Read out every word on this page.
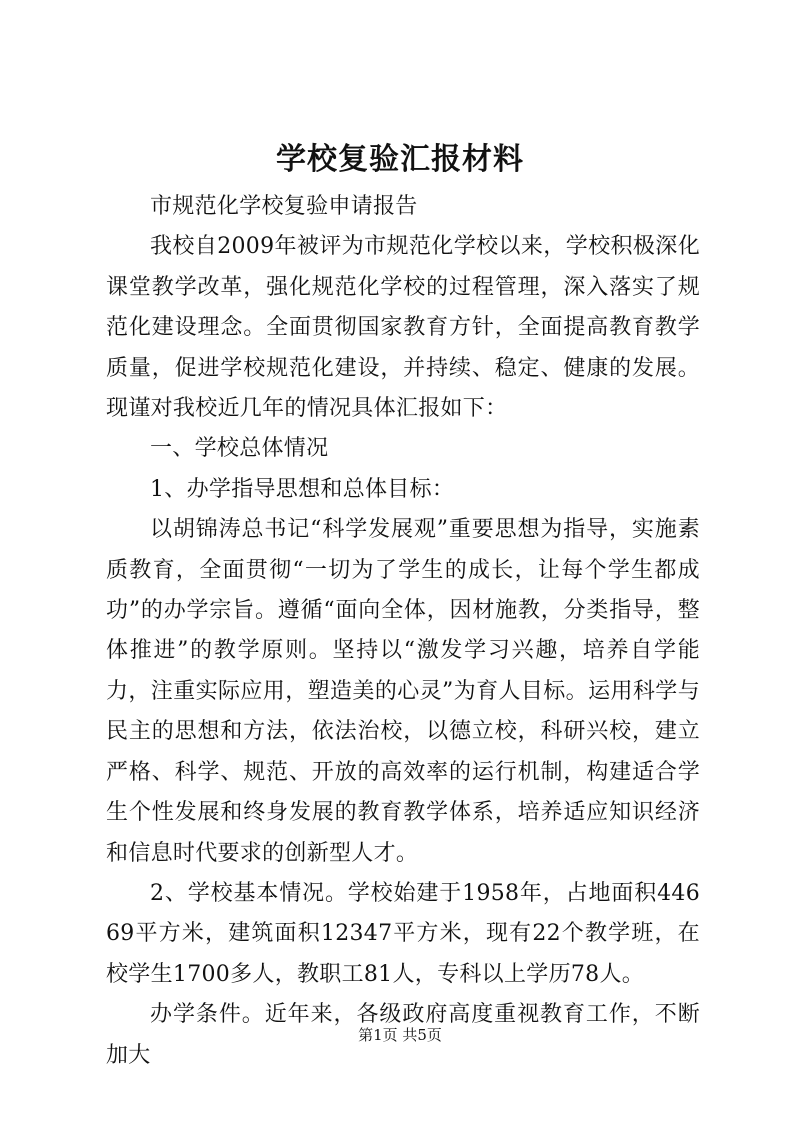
学校复验汇报材料

市规范化学校复验申请报告

我校自2009年被评为市规范化学校以来，学校积极深化课堂教学改革，强化规范化学校的过程管理，深入落实了规范化建设理念。全面贯彻国家教育方针，全面提高教育教学质量，促进学校规范化建设，并持续、稳定、健康的发展。现谨对我校近几年的情况具体汇报如下：

一、学校总体情况

1、办学指导思想和总体目标：

以胡锦涛总书记“科学发展观”重要思想为指导，实施素质教育，全面贯彻“一切为了学生的成长，让每个学生都成功”的办学宗旨。遵循“面向全体，因材施教，分类指导，整体推进”的教学原则。坚持以“激发学习兴趣，培养自学能力，注重实际应用，塑造美的心灵”为育人目标。运用科学与民主的思想和方法，依法治校，以德立校，科研兴校，建立严格、科学、规范、开放的高效率的运行机制，构建适合学生个性发展和终身发展的教育教学体系，培养适应知识经济和信息时代要求的创新型人才。

2、学校基本情况。学校始建于1958年，占地面积44669平方米，建筑面积12347平方米，现有22个教学班，在校学生1700多人，教职工81人，专科以上学历78人。

办学条件。近年来，各级政府高度重视教育工作，不断加大

第1页 共5页
